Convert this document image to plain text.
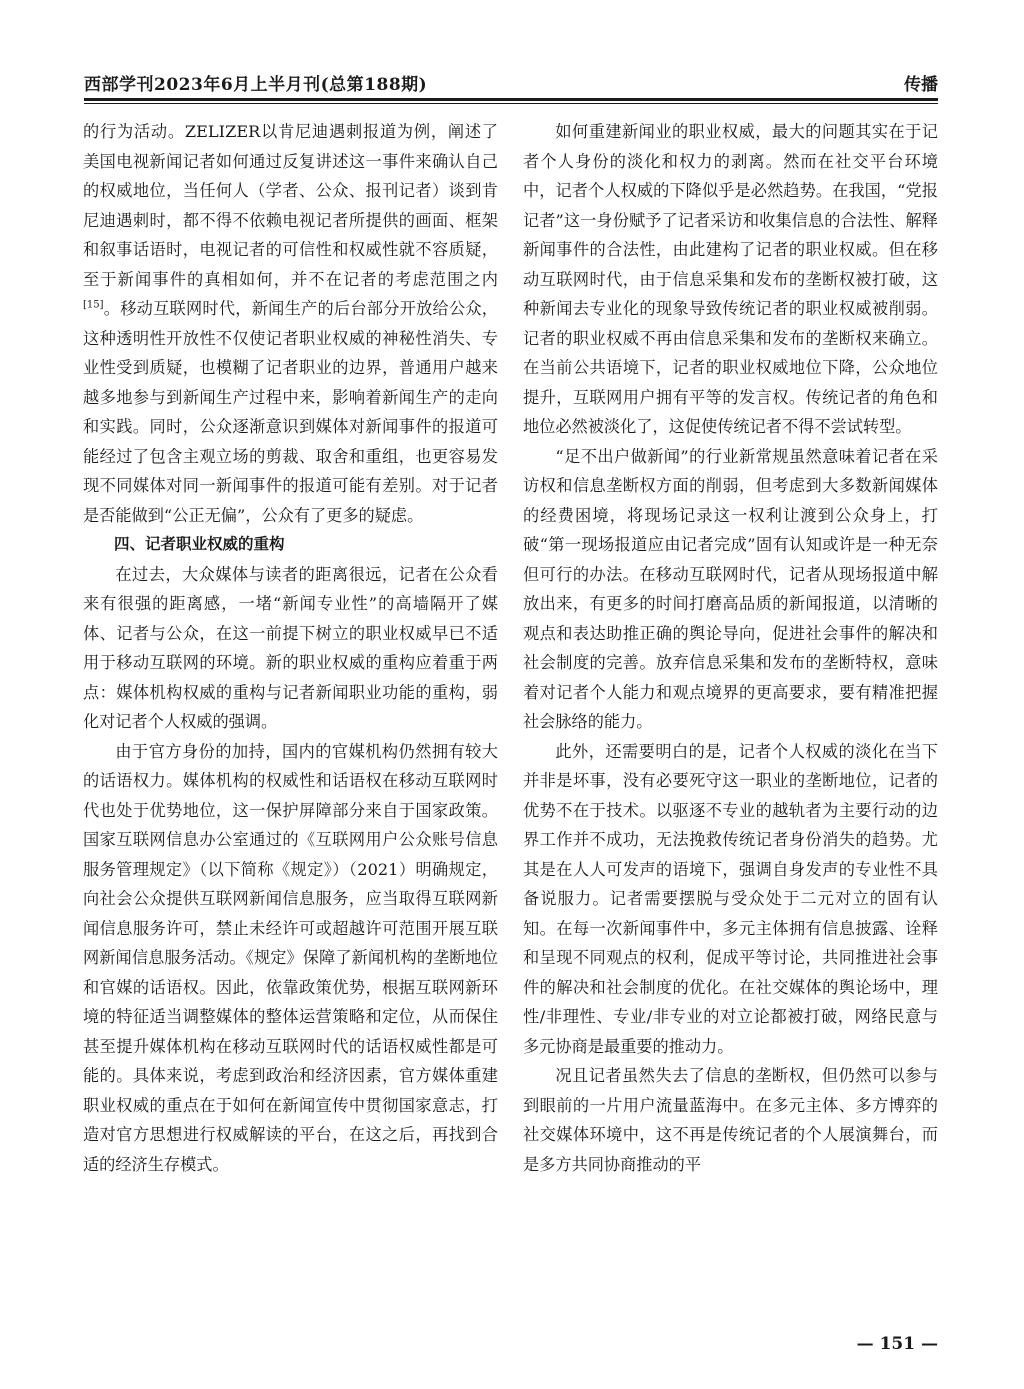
西部学刊2023年6月上半月刊(总第188期)	传播

的行为活动。ZELIZER以肯尼迪遇刺报道为例，阐述了美国电视新闻记者如何通过反复讲述这一事件来确认自己的权威地位，当任何人（学者、公众、报刊记者）谈到肯尼迪遇刺时，都不得不依赖电视记者所提供的画面、框架和叙事话语时，电视记者的可信性和权威性就不容质疑，至于新闻事件的真相如何，并不在记者的考虑范围之内[15]。移动互联网时代，新闻生产的后台部分开放给公众，这种透明性开放性不仅使记者职业权威的神秘性消失、专业性受到质疑，也模糊了记者职业的边界，普通用户越来越多地参与到新闻生产过程中来，影响着新闻生产的走向和实践。同时，公众逐渐意识到媒体对新闻事件的报道可能经过了包含主观立场的剪裁、取舍和重组，也更容易发现不同媒体对同一新闻事件的报道可能有差别。对于记者是否能做到“公正无偏”，公众有了更多的疑虑。

四、记者职业权威的重构

在过去，大众媒体与读者的距离很远，记者在公众看来有很强的距离感，一堵“新闻专业性”的高墙隔开了媒体、记者与公众，在这一前提下树立的职业权威早已不适用于移动互联网的环境。新的职业权威的重构应着重于两点：媒体机构权威的重构与记者新闻职业功能的重构，弱化对记者个人权威的强调。

由于官方身份的加持，国内的官媒机构仍然拥有较大的话语权力。媒体机构的权威性和话语权在移动互联网时代也处于优势地位，这一保护屏障部分来自于国家政策。国家互联网信息办公室通过的《互联网用户公众账号信息服务管理规定》（以下简称《规定》）（2021）明确规定，向社会公众提供互联网新闻信息服务，应当取得互联网新闻信息服务许可，禁止未经许可或超越许可范围开展互联网新闻信息服务活动。《规定》保障了新闻机构的垄断地位和官媒的话语权。因此，依靠政策优势，根据互联网新环境的特征适当调整媒体的整体运营策略和定位，从而保住甚至提升媒体机构在移动互联网时代的话语权威性都是可能的。具体来说，考虑到政治和经济因素，官方媒体重建职业权威的重点在于如何在新闻宣传中贯彻国家意志，打造对官方思想进行权威解读的平台，在这之后，再找到合适的经济生存模式。

如何重建新闻业的职业权威，最大的问题其实在于记者个人身份的淡化和权力的剥离。然而在社交平台环境中，记者个人权威的下降似乎是必然趋势。在我国，“党报记者”这一身份赋予了记者采访和收集信息的合法性、解释新闻事件的合法性，由此建构了记者的职业权威。但在移动互联网时代，由于信息采集和发布的垄断权被打破，这种新闻去专业化的现象导致传统记者的职业权威被削弱。记者的职业权威不再由信息采集和发布的垄断权来确立。在当前公共语境下，记者的职业权威地位下降，公众地位提升，互联网用户拥有平等的发言权。传统记者的角色和地位必然被淡化了，这促使传统记者不得不尝试转型。

“足不出户做新闻”的行业新常规虽然意味着记者在采访权和信息垄断权方面的削弱，但考虑到大多数新闻媒体的经费困境，将现场记录这一权利让渡到公众身上，打破“第一现场报道应由记者完成”固有认知或许是一种无奈但可行的办法。在移动互联网时代，记者从现场报道中解放出来，有更多的时间打磨高品质的新闻报道，以清晰的观点和表达助推正确的舆论导向，促进社会事件的解决和社会制度的完善。放弃信息采集和发布的垄断特权，意味着对记者个人能力和观点境界的更高要求，要有精准把握社会脉络的能力。

此外，还需要明白的是，记者个人权威的淡化在当下并非是坏事，没有必要死守这一职业的垄断地位，记者的优势不在于技术。以驱逐不专业的越轨者为主要行动的边界工作并不成功，无法挽救传统记者身份消失的趋势。尤其是在人人可发声的语境下，强调自身发声的专业性不具备说服力。记者需要摆脱与受众处于二元对立的固有认知。在每一次新闻事件中，多元主体拥有信息披露、诠释和呈现不同观点的权利，促成平等讨论，共同推进社会事件的解决和社会制度的优化。在社交媒体的舆论场中，理性/非理性、专业/非专业的对立论都被打破，网络民意与多元协商是最重要的推动力。

况且记者虽然失去了信息的垄断权，但仍然可以参与到眼前的一片用户流量蓝海中。在多元主体、多方博弈的社交媒体环境中，这不再是传统记者的个人展演舞台，而是多方共同协商推动的平

— 151 —
